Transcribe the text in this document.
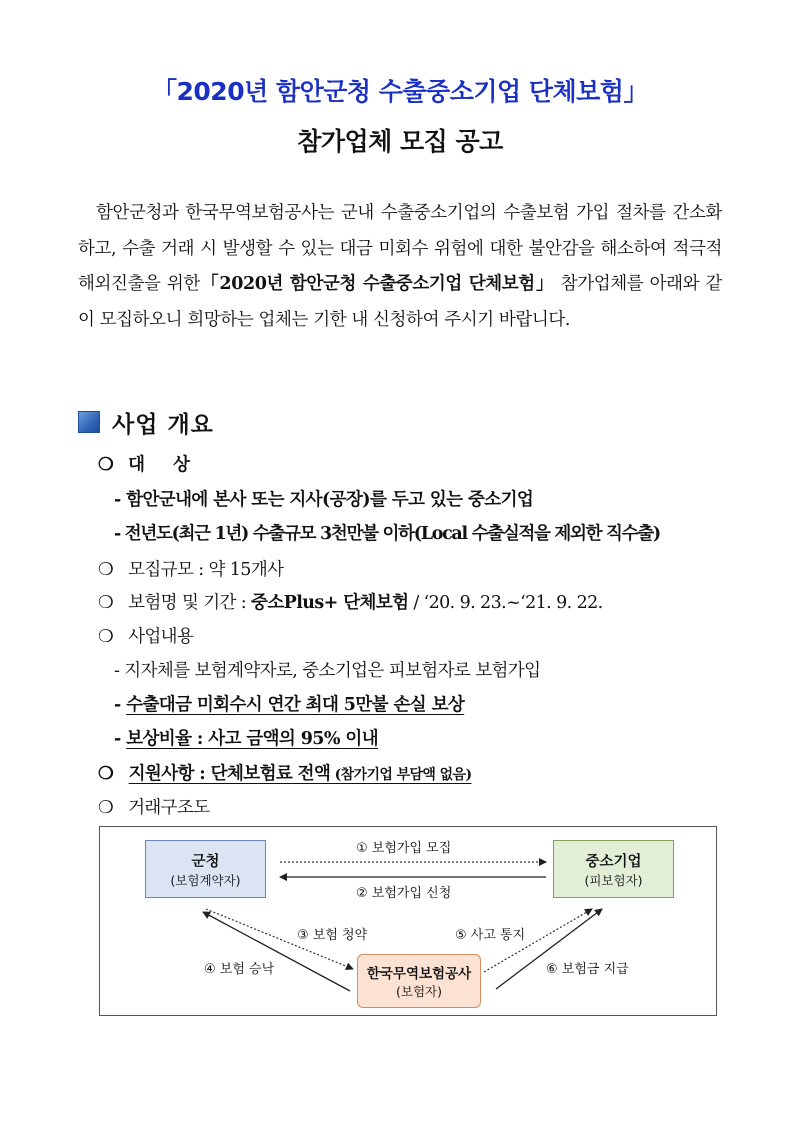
「2020년 함안군청 수출중소기업 단체보험」
참가업체 모집 공고
함안군청과 한국무역보험공사는 군내 수출중소기업의 수출보험 가입 절차를 간소화하고, 수출 거래 시 발생할 수 있는 대금 미회수 위험에 대한 불안감을 해소하여 적극적 해외진출을 위한「2020년 함안군청 수출중소기업 단체보험」 참가업체를 아래와 같이 모집하오니 희망하는 업체는 기한 내 신청하여 주시기 바랍니다.
사업 개요
❍ 대상
- 함안군내에 본사 또는 지사(공장)를 두고 있는 중소기업
- 전년도(최근 1년) 수출규모 3천만불 이하(Local 수출실적을 제외한 직수출)
❍ 모집규모 : 약 15개사
❍ 보험명 및 기간 : 중소Plus+ 단체보험 / ‘20. 9. 23.~‘21. 9. 22.
❍ 사업내용
- 지자체를 보험계약자로, 중소기업은 피보험자로 보험가입
- 수출대금 미회수시 연간 최대 5만불 손실 보상
- 보상비율 : 사고 금액의 95% 이내
❍ 지원사항 : 단체보험료 전액 (참가기업 부담액 없음)
❍ 거래구조도
군청
(보험계약자)
중소기업
(피보험자)
한국무역보험공사
(보험자)
① 보험가입 모집
② 보험가입 신청
③ 보험 청약
④ 보험 승낙
⑤ 사고 통지
⑥ 보험금 지급
